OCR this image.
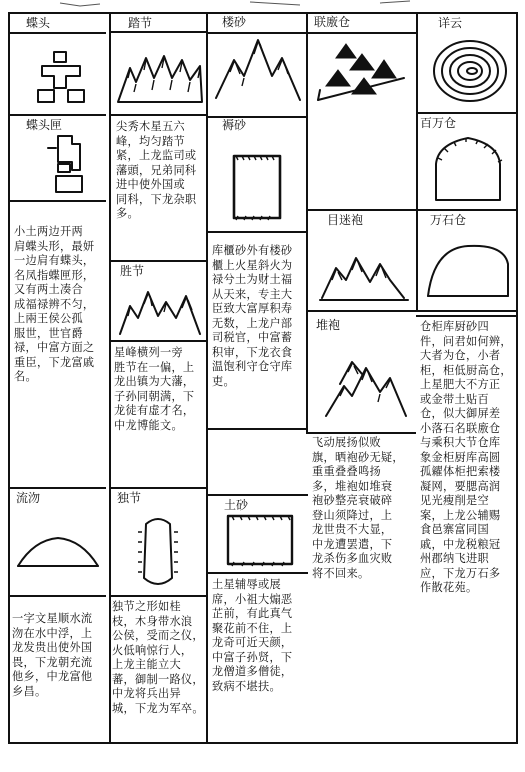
蝶头	踏节	楼砂	联廒仓	详云
蝶头匣	褥砂	百万仓
目迷袍	万石仓
胜节
堆袍
土砂
流沕	独节
小土两边开两
肩蝶头形，最妍
一边肩有蝶头，
名凤指蝶匣形，
又有两土凑合
成福禄辨不匀，
上兩王侯公孤
服世，世官爵
禄，中富方面之
重臣，下龙富戚
名。
尖秀木星五六
峰，均匀踏节
紧，上龙监司或
藩頭，兄弟同科
进中使外国或
同科，下龙杂职
多。
库櫃砂外有楼砂
櫃上火星斜火为
禄兮土为财土福
从天来，专主大
臣致大富厚积寿
无数，上龙户部
司税官，中富蓄
积审，下龙衣食
温饱利守仓守库
吏。
星峰横列一旁
胜节在一偏，上
龙出镇为大藩，
子孙同朝满，下
龙徒有虚才名，
中龙博能文。
飞动展扬似败
旗，晒袍砂无疑，
重重叠叠鸣扬
多，堆袍如堆衰
袍砂整亮衰破碎
登山须降过，上
龙世贵不大显，
中龙遭罢遣，下
龙杀伤多血灾败
将不回来。
仓柜库厨砂四
件，问君如何辨，
大者为仓，小者
柜，柜低厨高仓，
上星肥大不方正
或金带土贴百
仓，似大御屏差
小落石名联廒仓
与乘积大节仓库
象金柜厨库高圆
孤糴体柜把索楼
凝网，要腮高润
见光瘦削是空
案，上龙公辅赐
食邑寨富同国
戚，中龙税粮冠
州郡纳飞进职
应，下龙万石多
作散花苑。
土星辅辱或展
席，小祖大煽恶
芷前，有此真气
聚花前不住，上
龙奇可近天颜，
中富子孙贤，下
龙僧道多僧徒，
致病不堪扶。
一字文星顺水流
沕在水中浮，上
龙发贵出使外国
畏，下龙朝充流
他乡，中龙富他
乡昌。
独节之形如桂
枝，木身带水浪
公侯，受而之仪，
火低响惊行人，
上龙主能立大
蕃，御制一路仪，
中龙将兵出异
城，下龙为军卒。
